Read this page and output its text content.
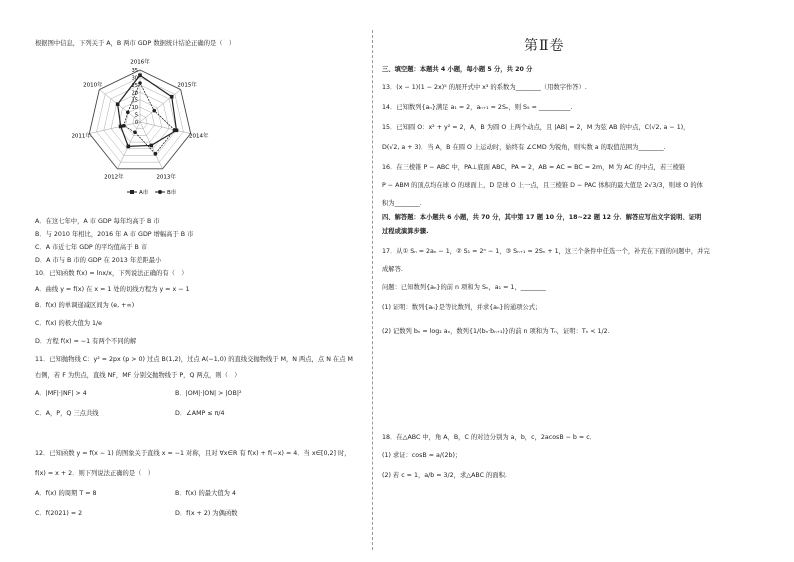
根据图中信息，下列关于 A，B 两市 GDP 数据统计结论正确的是（　）
2016年
2015年
2014年
2013年
2012年
2011年
2010年
35
30
25
20
15
10
5
0
A市	B市
A．在这七年中，A 市 GDP 每年均高于 B 市
B．与 2010 年相比，2016 年 A 市 GDP 增幅高于 B 市
C．A 市近七年 GDP 的平均值高于 B 市
D．A 市与 B 市的 GDP 在 2013 年差距最小
10．已知函数 f(x) = lnx/x，下列说法正确的有（　）
A．曲线 y = f(x) 在 x = 1 处的切线方程为 y = x − 1
B．f(x) 的单调递减区间为 (e, +∞)
C．f(x) 的极大值为 1/e
D．方程 f(x) = −1 有两个不同的解
11．已知抛物线 C：y² = 2px (p > 0) 过点 B(1,2)，过点 A(−1,0) 的直线交抛物线于 M，N 两点，点 N 在点 M
右侧，若 F 为焦点，直线 NF，MF 分别交抛物线于 P，Q 两点，则（　）
A．|MF|·|NF| > 4	B．|OM|·|ON| > |OB|²
C．A，P，Q 三点共线	D．∠AMP ≤ π/4
12．已知函数 y = f(x − 1) 的图象关于直线 x = −1 对称，且对 ∀x∈R 有 f(x) + f(−x) = 4．当 x∈[0,2] 时，
f(x) = x + 2．则下列说法正确的是（　）
A．f(x) 的周期 T = 8	B．f(x) 的最大值为 4
C．f(2021) = 2	D．f(x + 2) 为偶函数
第Ⅱ卷
三、填空题：本题共 4 小题，每小题 5 分，共 20 分
13．(x − 1)(1 − 2x)⁵ 的展开式中 x³ 的系数为________（用数字作答）.
14．已知数列{aₙ}满足 a₁ = 2，aₙ₊₁ = 2Sₙ，则 S₅ = __________.
15．已知圆 O：x² + y² = 2，A，B 为圆 O 上两个动点，且 |AB| = 2，M 为弦 AB 的中点，C(√2, a − 1)，
D(√2, a + 3)．当 A，B 在圆 O 上运动时，始终有 ∠CMD 为锐角，则实数 a 的取值范围为________.
16．在三棱锥 P − ABC 中，PA⊥底面 ABC，PA = 2，AB = AC = BC = 2m，M 为 AC 的中点，若三棱锥
P − ABM 的顶点均在球 O 的球面上，D 是球 O 上一点，且三棱锥 D − PAC 体积的最大值是 2√3/3，则球 O 的体
积为________.
四、解答题：本小题共 6 小题，共 70 分，其中第 17 题 10 分，18~22 题 12 分．解答应写出文字说明、证明
过程或演算步骤.
17．从① Sₙ = 2aₙ − 1，② S₁ = 2ⁿ − 1，③ Sₙ₊₁ = 2Sₙ + 1，这三个条件中任选一个，补充在下面的问题中，并完
成解答.
问题：已知数列{aₙ}的前 n 项和为 Sₙ，a₁ = 1，________
(1) 证明：数列{aₙ}是等比数列，并求{aₙ}的通项公式；
(2) 记数列 bₙ = log₂ aₙ，数列{1/(bₙ·bₙ₊₁)}的前 n 项和为 Tₙ，证明：Tₙ < 1/2.
18．在△ABC 中，角 A，B，C 的对边分别为 a，b，c，2acosB − b = c．
(1) 求证：cosB = a/(2b)；
(2) 若 c = 1，a/b = 3/2，求△ABC 的面积.
